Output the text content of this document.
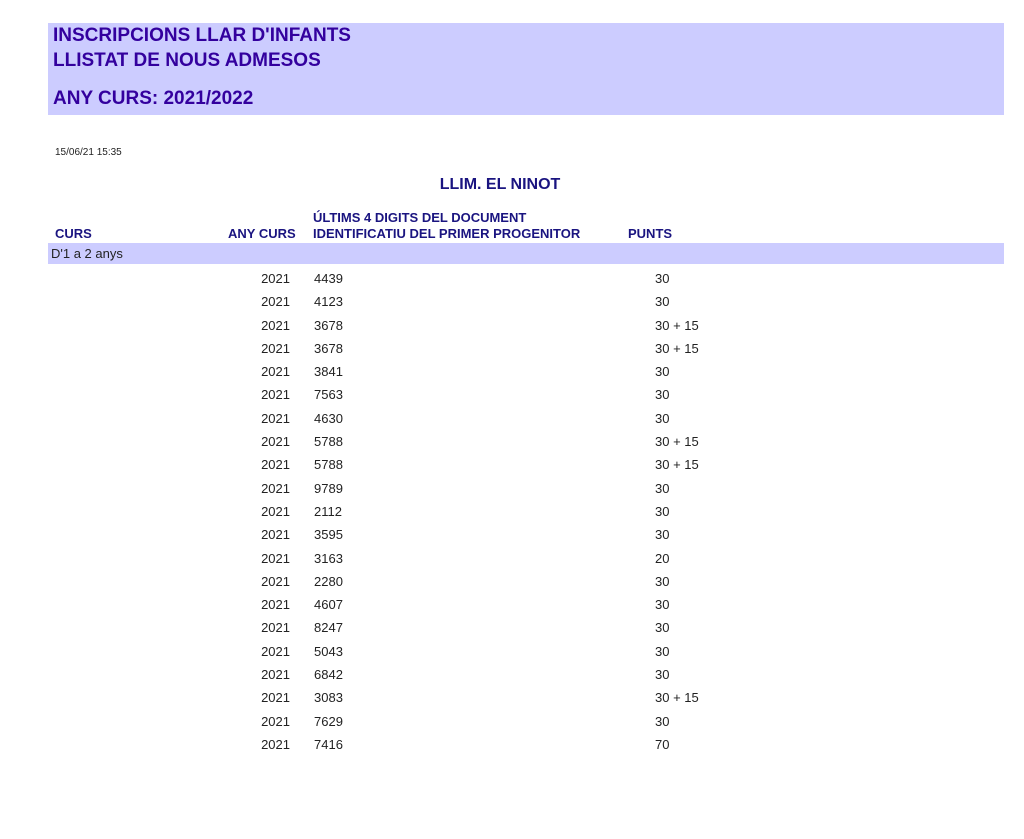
INSCRIPCIONS LLAR D'INFANTS
LLISTAT DE NOUS ADMESOS
ANY CURS: 2021/2022
15/06/21 15:35
LLIM. EL NINOT
CURS	ANY CURS
ÚLTIMS 4 DIGITS DEL DOCUMENT
IDENTIFICATIU DEL PRIMER PROGENITOR	PUNTS
D'1 a 2 anys
2021 4439	30
2021 4123	30
2021 3678	30 + 15
2021 3678	30 + 15
2021 3841	30
2021 7563	30
2021 4630	30
2021 5788	30 + 15
2021 5788	30 + 15
2021 9789	30
2021 2112	30
2021 3595	30
2021 3163	20
2021 2280	30
2021 4607	30
2021 8247	30
2021 5043	30
2021 6842	30
2021 3083	30 + 15
2021 7629	30
2021 7416	70
